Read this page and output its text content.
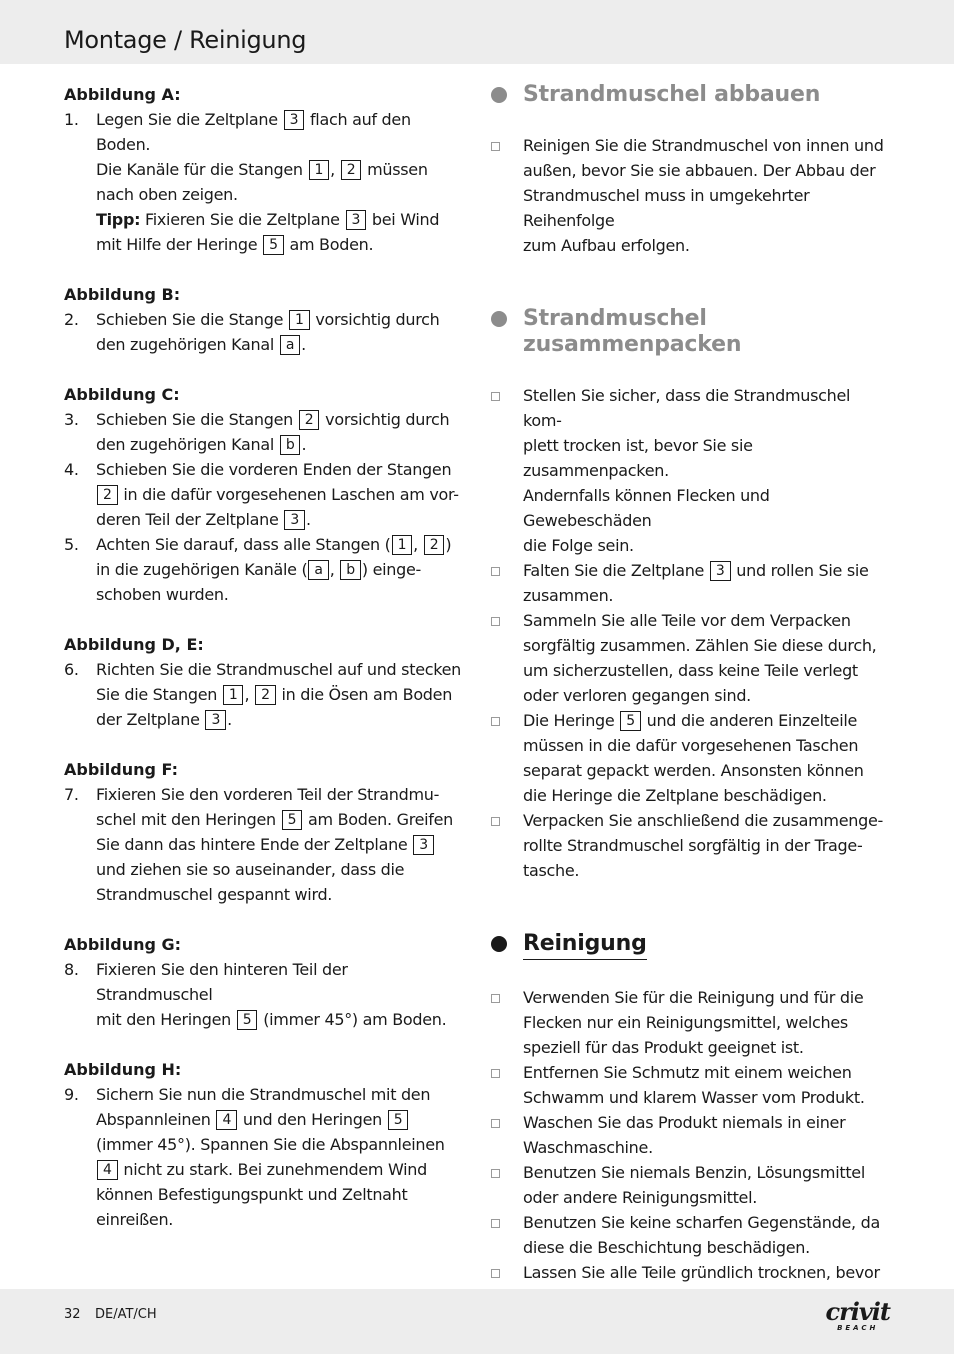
Montage / Reinigung
Abbildung A:
1. Legen Sie die Zeltplane 3 flach auf den Boden.
Die Kanäle für die Stangen 1 , 2 müssen
nach oben zeigen.
Tipp: Fixieren Sie die Zeltplane 3 bei Wind
mit Hilfe der Heringe 5 am Boden.
Abbildung B:
2. Schieben Sie die Stange 1 vorsichtig durch
den zugehörigen Kanal a .
Abbildung C:
3. Schieben Sie die Stangen 2 vorsichtig durch
den zugehörigen Kanal b .
4. Schieben Sie die vorderen Enden der Stangen
2 in die dafür vorgesehenen Laschen am vor-
deren Teil der Zeltplane 3 .
5. Achten Sie darauf, dass alle Stangen ( 1 , 2 )
in die zugehörigen Kanäle ( a , b ) einge-
schoben wurden.
Abbildung D, E:
6. Richten Sie die Strandmuschel auf und stecken
Sie die Stangen 1 , 2 in die Ösen am Boden
der Zeltplane 3 .
Abbildung F:
7. Fixieren Sie den vorderen Teil der Strandmu-
schel mit den Heringen 5 am Boden. Greifen
Sie dann das hintere Ende der Zeltplane 3
und ziehen sie so auseinander, dass die
Strandmuschel gespannt wird.
Abbildung G:
8. Fixieren Sie den hinteren Teil der Strandmuschel
mit den Heringen 5 (immer 45°) am Boden.
Abbildung H:
9. Sichern Sie nun die Strandmuschel mit den
Abspannleinen 4 und den Heringen 5
(immer 45°). Spannen Sie die Abspannleinen
4 nicht zu stark. Bei zunehmendem Wind
können Befestigungspunkt und Zeltnaht einreißen.
Strandmuschel abbauen
Reinigen Sie die Strandmuschel von innen und
außen, bevor Sie sie abbauen. Der Abbau der
Strandmuschel muss in umgekehrter Reihenfolge
zum Aufbau erfolgen.
Strandmuschel
zusammenpacken
Stellen Sie sicher, dass die Strandmuschel kom-
plett trocken ist, bevor Sie sie zusammenpacken.
Andernfalls können Flecken und Gewebeschäden
die Folge sein.
Falten Sie die Zeltplane 3 und rollen Sie sie
zusammen.
Sammeln Sie alle Teile vor dem Verpacken
sorgfältig zusammen. Zählen Sie diese durch,
um sicherzustellen, dass keine Teile verlegt
oder verloren gegangen sind.
Die Heringe 5 und die anderen Einzelteile
müssen in die dafür vorgesehenen Taschen
separat gepackt werden. Ansonsten können
die Heringe die Zeltplane beschädigen.
Verpacken Sie anschließend die zusammenge-
rollte Strandmuschel sorgfältig in der Trage-
tasche.
Reinigung
Verwenden Sie für die Reinigung und für die
Flecken nur ein Reinigungsmittel, welches
speziell für das Produkt geeignet ist.
Entfernen Sie Schmutz mit einem weichen
Schwamm und klarem Wasser vom Produkt.
Waschen Sie das Produkt niemals in einer
Waschmaschine.
Benutzen Sie niemals Benzin, Lösungsmittel
oder andere Reinigungsmittel.
Benutzen Sie keine scharfen Gegenstände, da
diese die Beschichtung beschädigen.
Lassen Sie alle Teile gründlich trocknen, bevor
32 DE/AT/CH	crivit
BEACH
